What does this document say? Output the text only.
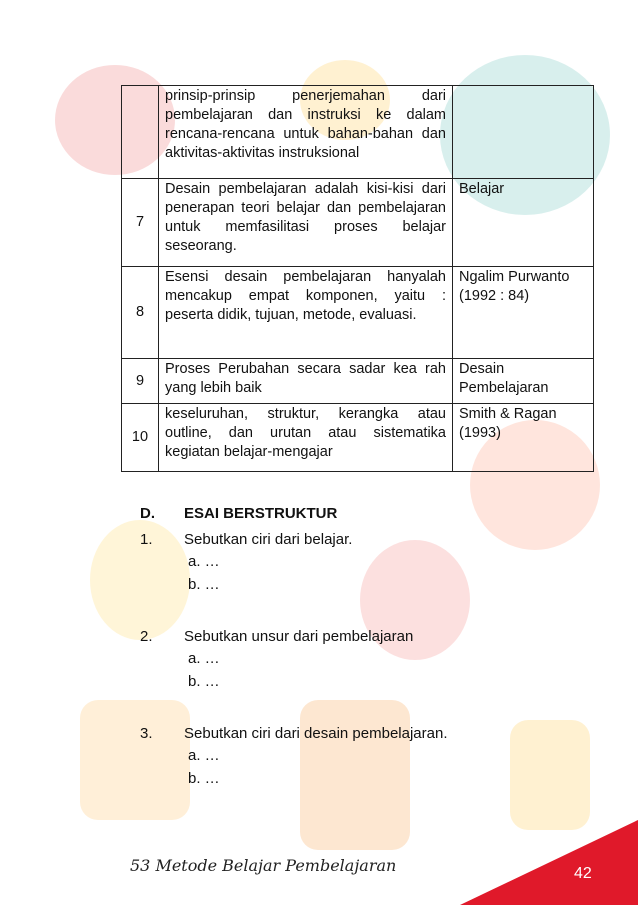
	prinsip-prinsip penerjemahan dari pembelajaran dan instruksi ke dalam rencana-rencana untuk bahan-bahan dan aktivitas-aktivitas instruksional	
7	Desain pembelajaran adalah kisi-kisi dari penerapan teori belajar dan pembelajaran untuk memfasilitasi proses belajar seseorang.	Belajar
8	Esensi desain pembelajaran hanyalah mencakup empat komponen, yaitu : peserta didik, tujuan, metode, evaluasi.	Ngalim Purwanto (1992 : 84)
9	Proses Perubahan secara sadar kea rah yang lebih baik	Desain Pembelajaran
10	keseluruhan, struktur, kerangka atau outline, dan urutan atau sistematika kegiatan belajar-mengajar	Smith & Ragan (1993)
D.	ESAI BERSTRUKTUR
1.	Sebutkan ciri dari belajar.
a. …
b. …
2.	Sebutkan unsur dari pembelajaran
a. …
b. …
3.	Sebutkan ciri dari desain pembelajaran.
a. …
b. …
53 Metode Belajar Pembelajaran	42
